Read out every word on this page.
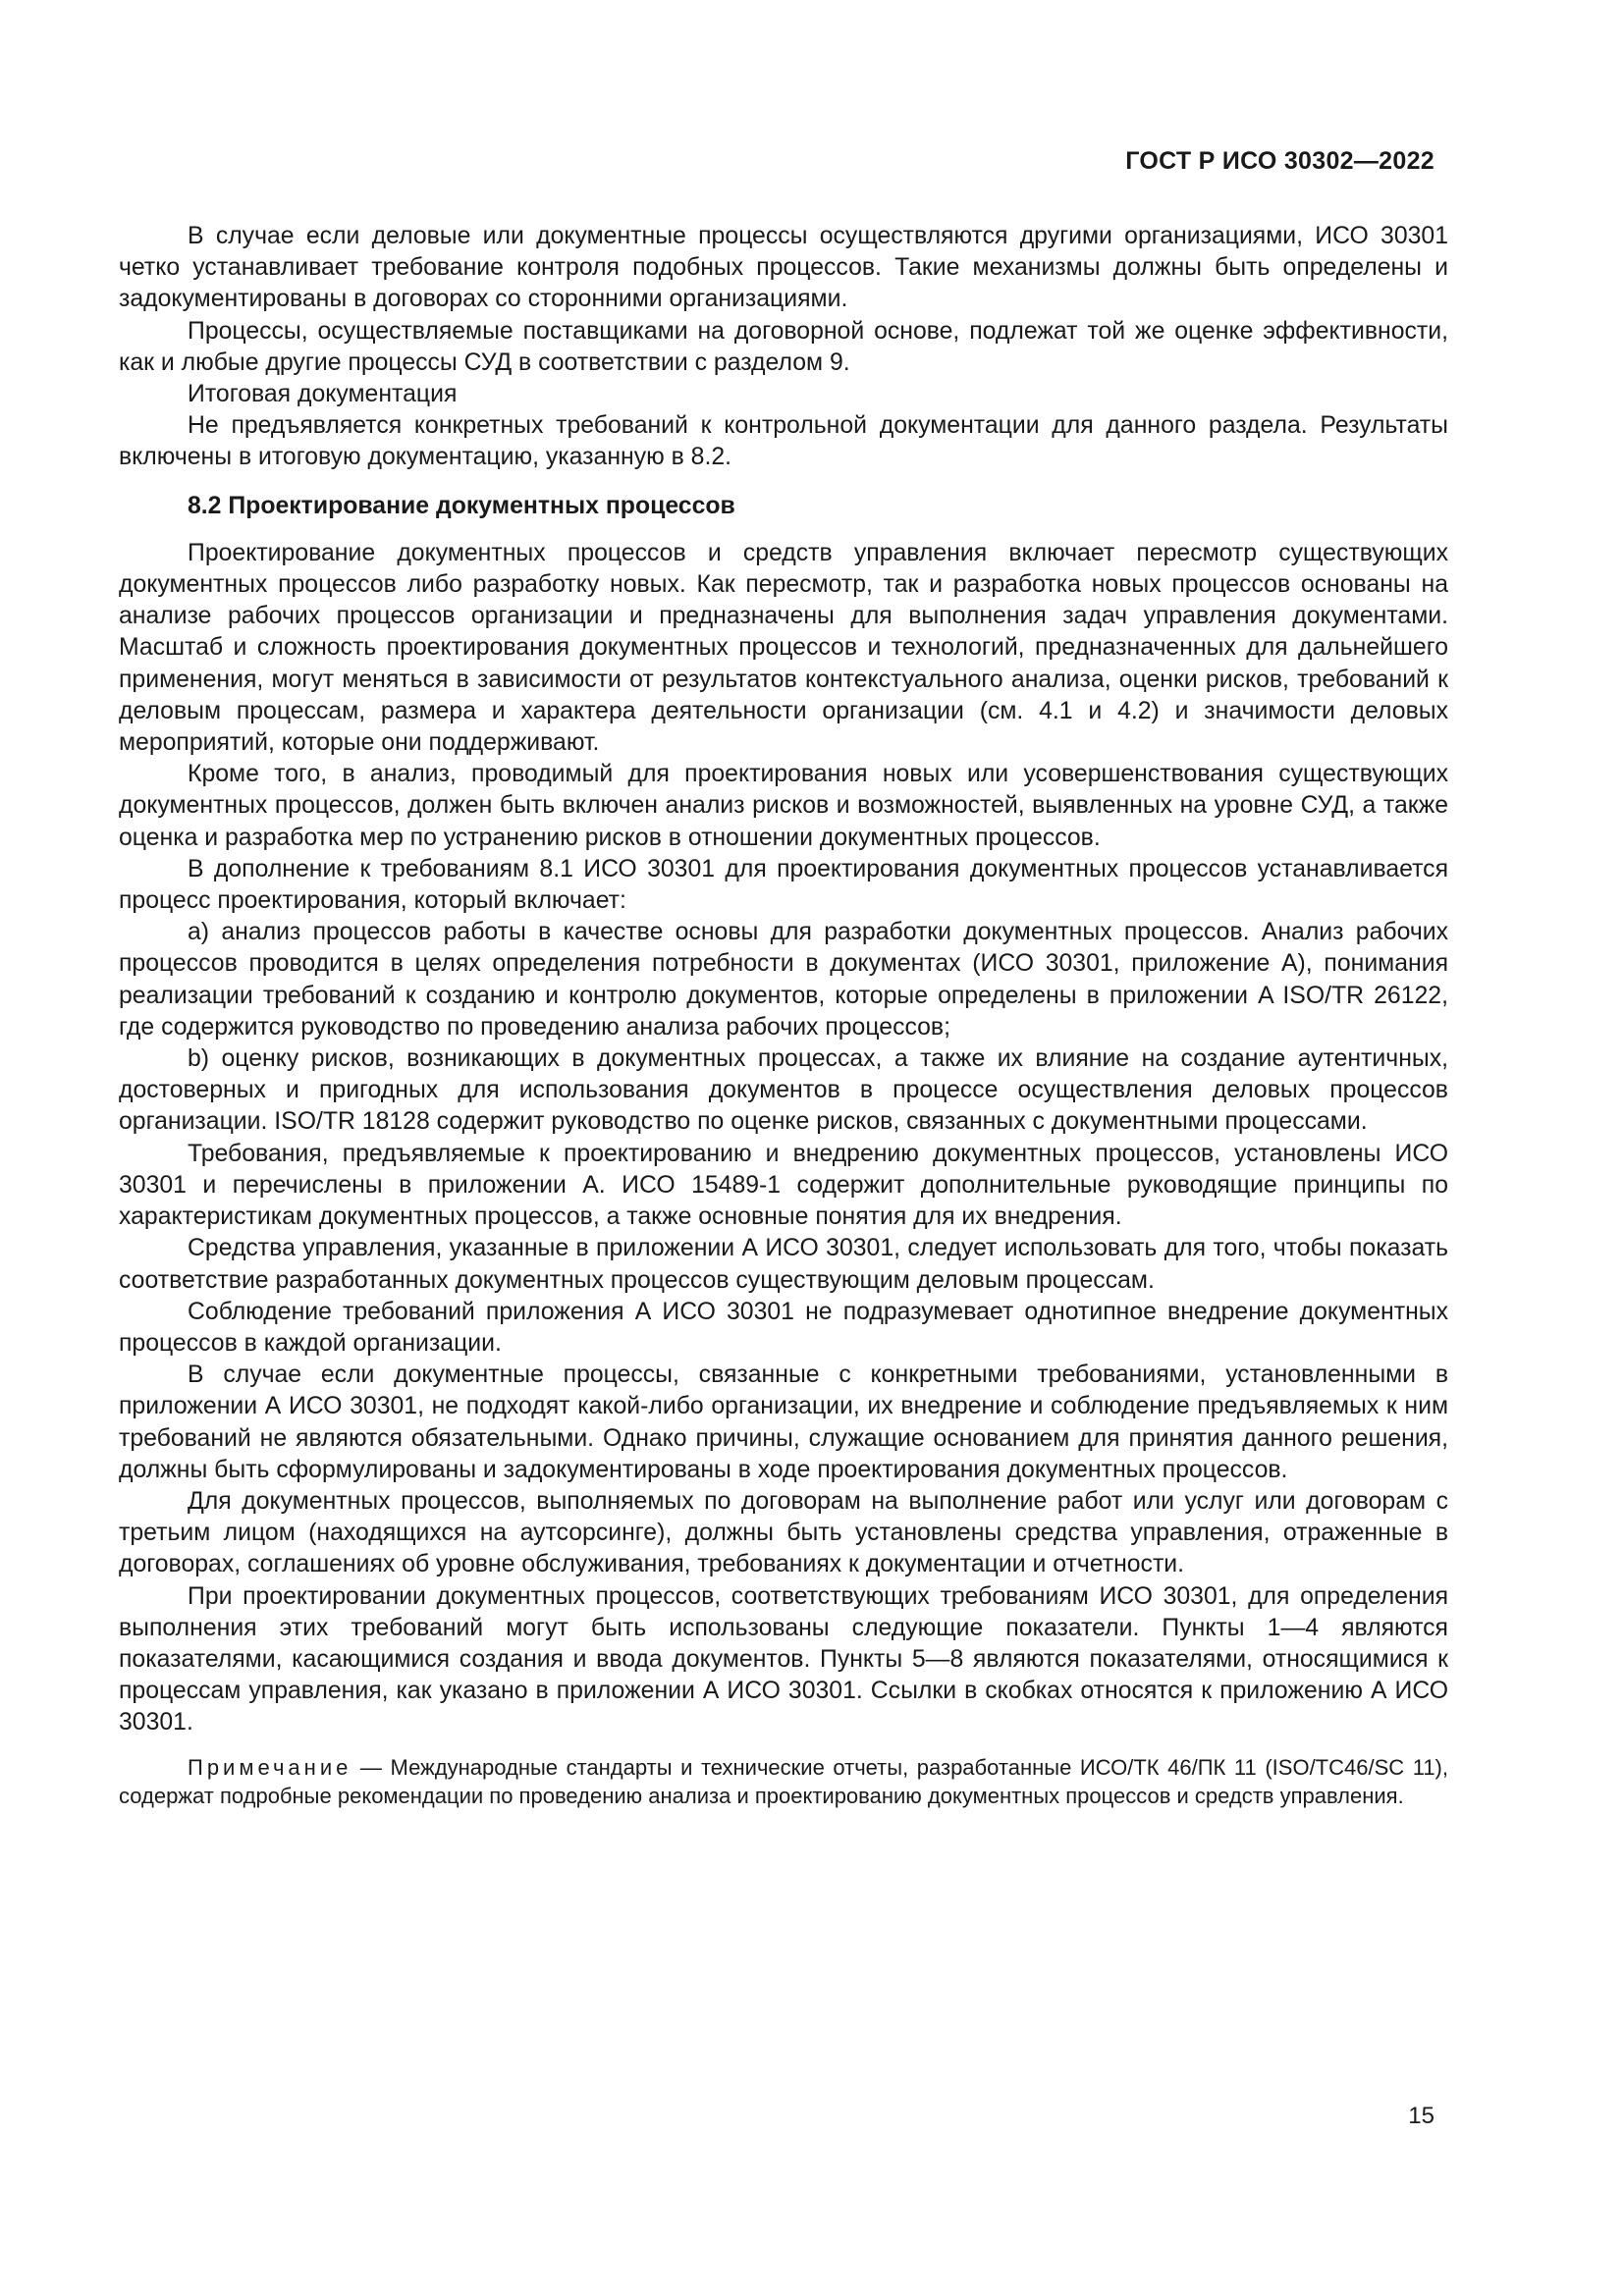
ГОСТ Р ИСО 30302—2022

В случае если деловые или документные процессы осуществляются другими организациями, ИСО 30301 четко устанавливает требование контроля подобных процессов. Такие механизмы должны быть определены и задокументированы в договорах со сторонними организациями.

Процессы, осуществляемые поставщиками на договорной основе, подлежат той же оценке эффективности, как и любые другие процессы СУД в соответствии с разделом 9.

Итоговая документация

Не предъявляется конкретных требований к контрольной документации для данного раздела. Результаты включены в итоговую документацию, указанную в 8.2.

8.2 Проектирование документных процессов

Проектирование документных процессов и средств управления включает пересмотр существующих документных процессов либо разработку новых. Как пересмотр, так и разработка новых процессов основаны на анализе рабочих процессов организации и предназначены для выполнения задач управления документами. Масштаб и сложность проектирования документных процессов и технологий, предназначенных для дальнейшего применения, могут меняться в зависимости от результатов контекстуального анализа, оценки рисков, требований к деловым процессам, размера и характера деятельности организации (см. 4.1 и 4.2) и значимости деловых мероприятий, которые они поддерживают.

Кроме того, в анализ, проводимый для проектирования новых или усовершенствования существующих документных процессов, должен быть включен анализ рисков и возможностей, выявленных на уровне СУД, а также оценка и разработка мер по устранению рисков в отношении документных процессов.

В дополнение к требованиям 8.1 ИСО 30301 для проектирования документных процессов устанавливается процесс проектирования, который включает:

a) анализ процессов работы в качестве основы для разработки документных процессов. Анализ рабочих процессов проводится в целях определения потребности в документах (ИСО 30301, приложение А), понимания реализации требований к созданию и контролю документов, которые определены в приложении A ISO/TR 26122, где содержится руководство по проведению анализа рабочих процессов;

b) оценку рисков, возникающих в документных процессах, а также их влияние на создание аутентичных, достоверных и пригодных для использования документов в процессе осуществления деловых процессов организации. ISO/TR 18128 содержит руководство по оценке рисков, связанных с документными процессами.

Требования, предъявляемые к проектированию и внедрению документных процессов, установлены ИСО 30301 и перечислены в приложении А. ИСО 15489-1 содержит дополнительные руководящие принципы по характеристикам документных процессов, а также основные понятия для их внедрения.

Средства управления, указанные в приложении А ИСО 30301, следует использовать для того, чтобы показать соответствие разработанных документных процессов существующим деловым процессам.

Соблюдение требований приложения А ИСО 30301 не подразумевает однотипное внедрение документных процессов в каждой организации.

В случае если документные процессы, связанные с конкретными требованиями, установленными в приложении А ИСО 30301, не подходят какой-либо организации, их внедрение и соблюдение предъявляемых к ним требований не являются обязательными. Однако причины, служащие основанием для принятия данного решения, должны быть сформулированы и задокументированы в ходе проектирования документных процессов.

Для документных процессов, выполняемых по договорам на выполнение работ или услуг или договорам с третьим лицом (находящихся на аутсорсинге), должны быть установлены средства управления, отраженные в договорах, соглашениях об уровне обслуживания, требованиях к документации и отчетности.

При проектировании документных процессов, соответствующих требованиям ИСО 30301, для определения выполнения этих требований могут быть использованы следующие показатели. Пункты 1—4 являются показателями, касающимися создания и ввода документов. Пункты 5—8 являются показателями, относящимися к процессам управления, как указано в приложении А ИСО 30301. Ссылки в скобках относятся к приложению А ИСО 30301.

Примечание — Международные стандарты и технические отчеты, разработанные ИСО/ТК 46/ПК 11 (ISO/TC46/SC 11), содержат подробные рекомендации по проведению анализа и проектированию документных процессов и средств управления.

15
